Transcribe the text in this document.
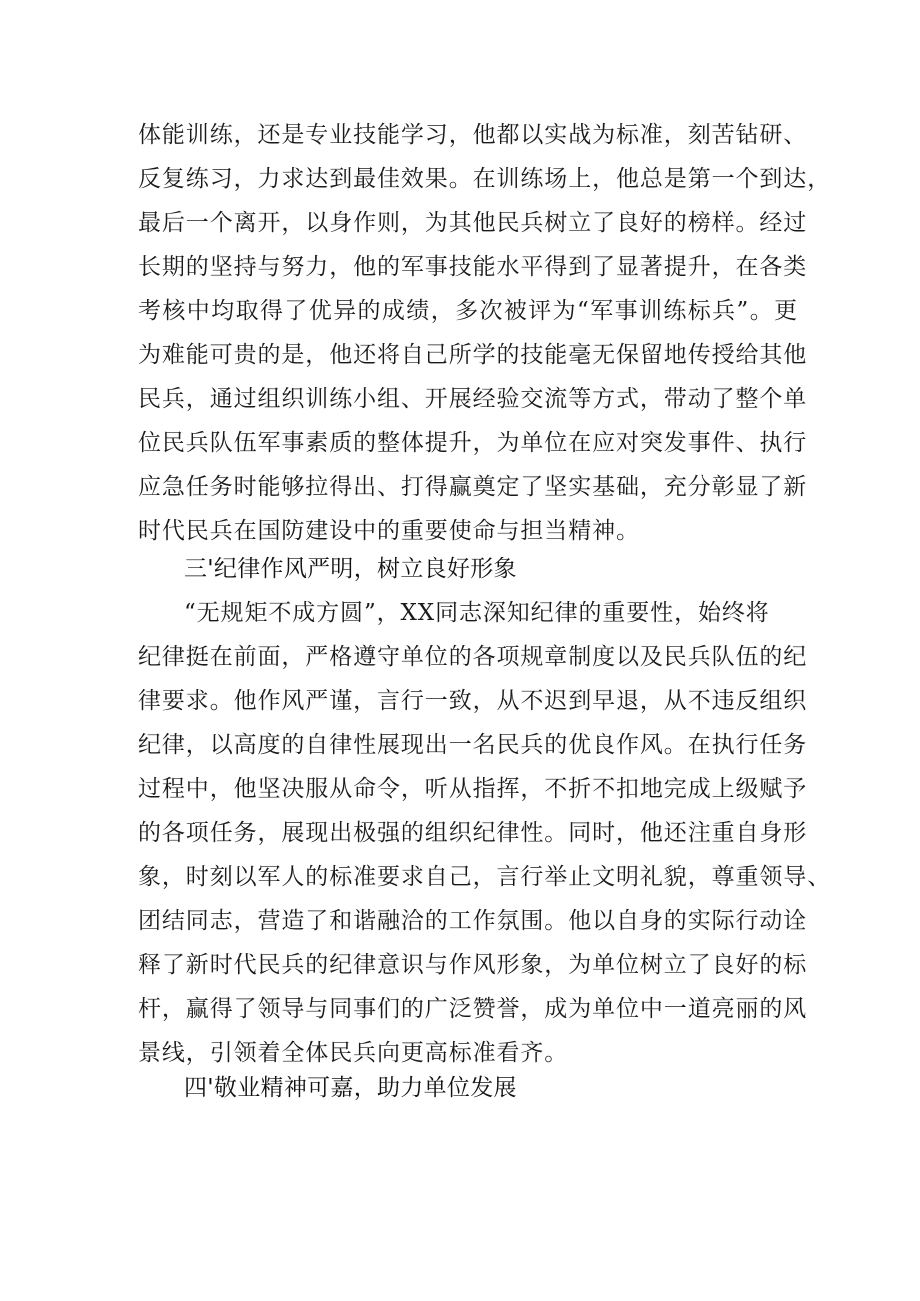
体能训练，还是专业技能学习，他都以实战为标准，刻苦钻研、
反复练习，力求达到最佳效果。在训练场上，他总是第一个到达，
最后一个离开，以身作则，为其他民兵树立了良好的榜样。经过
长期的坚持与努力，他的军事技能水平得到了显著提升，在各类
考核中均取得了优异的成绩，多次被评为“军事训练标兵”。更
为难能可贵的是，他还将自己所学的技能毫无保留地传授给其他
民兵，通过组织训练小组、开展经验交流等方式，带动了整个单
位民兵队伍军事素质的整体提升，为单位在应对突发事件、执行
应急任务时能够拉得出、打得赢奠定了坚实基础，充分彰显了新
时代民兵在国防建设中的重要使命与担当精神。
三'纪律作风严明，树立良好形象
“无规矩不成方圆”，XX同志深知纪律的重要性，始终将
纪律挺在前面，严格遵守单位的各项规章制度以及民兵队伍的纪
律要求。他作风严谨，言行一致，从不迟到早退，从不违反组织
纪律，以高度的自律性展现出一名民兵的优良作风。在执行任务
过程中，他坚决服从命令，听从指挥，不折不扣地完成上级赋予
的各项任务，展现出极强的组织纪律性。同时，他还注重自身形
象，时刻以军人的标准要求自己，言行举止文明礼貌，尊重领导、
团结同志，营造了和谐融洽的工作氛围。他以自身的实际行动诠
释了新时代民兵的纪律意识与作风形象，为单位树立了良好的标
杆，赢得了领导与同事们的广泛赞誉，成为单位中一道亮丽的风
景线，引领着全体民兵向更高标准看齐。
四'敬业精神可嘉，助力单位发展
